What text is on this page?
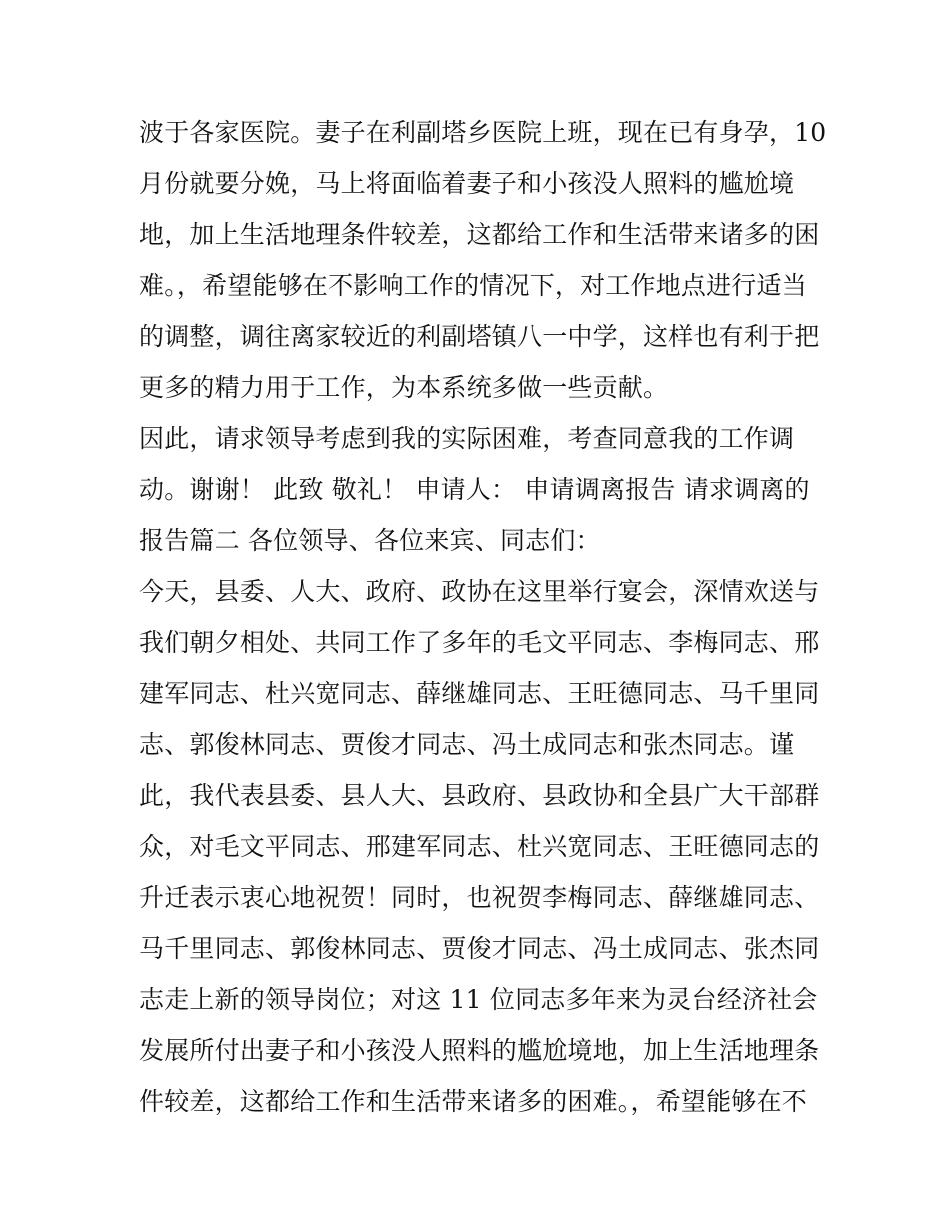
波于各家医院。妻子在利副塔乡医院上班，现在已有身孕，10
月份就要分娩，马上将面临着妻子和小孩没人照料的尴尬境
地，加上生活地理条件较差，这都给工作和生活带来诸多的困
难。，希望能够在不影响工作的情况下，对工作地点进行适当
的调整，调往离家较近的利副塔镇八一中学，这样也有利于把
更多的精力用于工作，为本系统多做一些贡献。
因此，请求领导考虑到我的实际困难，考查同意我的工作调
动。谢谢！ 此致 敬礼！ 申请人： 申请调离报告 请求调离的
报告篇二 各位领导、各位来宾、同志们：
今天，县委、人大、政府、政协在这里举行宴会，深情欢送与
我们朝夕相处、共同工作了多年的毛文平同志、李梅同志、邢
建军同志、杜兴宽同志、薛继雄同志、王旺德同志、马千里同
志、郭俊林同志、贾俊才同志、冯土成同志和张杰同志。谨
此，我代表县委、县人大、县政府、县政协和全县广大干部群
众，对毛文平同志、邢建军同志、杜兴宽同志、王旺德同志的
升迁表示衷心地祝贺！同时，也祝贺李梅同志、薛继雄同志、
马千里同志、郭俊林同志、贾俊才同志、冯土成同志、张杰同
志走上新的领导岗位；对这 11 位同志多年来为灵台经济社会
发展所付出妻子和小孩没人照料的尴尬境地，加上生活地理条
件较差，这都给工作和生活带来诸多的困难。，希望能够在不
